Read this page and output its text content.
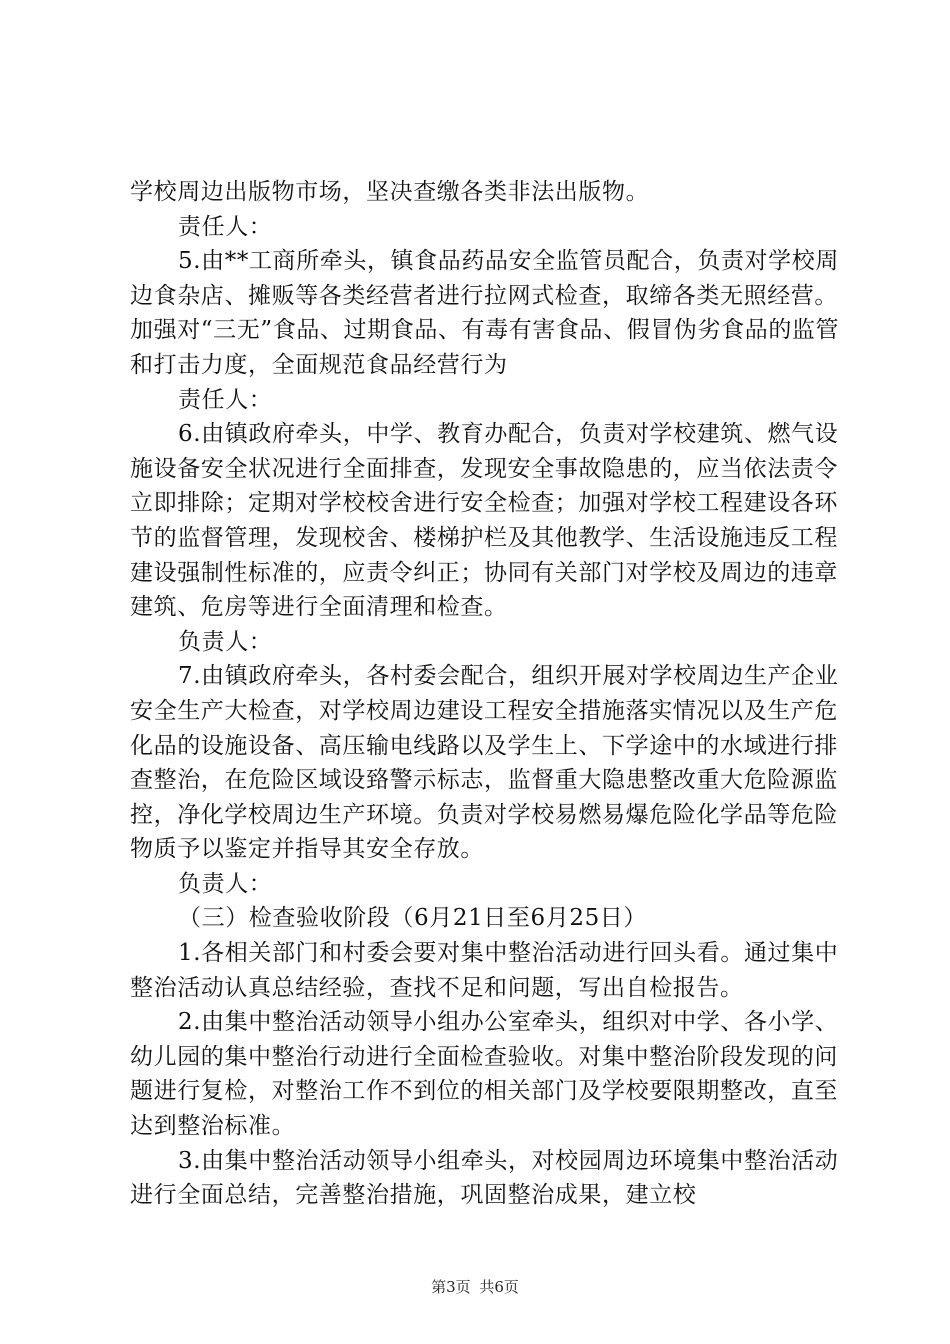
学校周边出版物市场，坚决查缴各类非法出版物。

责任人：

5.由**工商所牵头，镇食品药品安全监管员配合，负责对学校周边食杂店、摊贩等各类经营者进行拉网式检查，取缔各类无照经营。加强对“三无”食品、过期食品、有毒有害食品、假冒伪劣食品的监管和打击力度，全面规范食品经营行为

责任人：

6.由镇政府牵头，中学、教育办配合，负责对学校建筑、燃气设施设备安全状况进行全面排查，发现安全事故隐患的，应当依法责令立即排除；定期对学校校舍进行安全检查；加强对学校工程建设各环节的监督管理，发现校舍、楼梯护栏及其他教学、生活设施违反工程建设强制性标准的，应责令纠正；协同有关部门对学校及周边的违章建筑、危房等进行全面清理和检查。

负责人：

7.由镇政府牵头，各村委会配合，组织开展对学校周边生产企业安全生产大检查，对学校周边建设工程安全措施落实情况以及生产危化品的设施设备、高压输电线路以及学生上、下学途中的水域进行排查整治，在危险区域设臵警示标志，监督重大隐患整改重大危险源监控，净化学校周边生产环境。负责对学校易燃易爆危险化学品等危险物质予以鉴定并指导其安全存放。

负责人：

（三）检查验收阶段（6月21日至6月25日）

1.各相关部门和村委会要对集中整治活动进行回头看。通过集中整治活动认真总结经验，查找不足和问题，写出自检报告。

2.由集中整治活动领导小组办公室牵头，组织对中学、各小学、幼儿园的集中整治行动进行全面检查验收。对集中整治阶段发现的问题进行复检，对整治工作不到位的相关部门及学校要限期整改，直至达到整治标准。

3.由集中整治活动领导小组牵头，对校园周边环境集中整治活动进行全面总结，完善整治措施，巩固整治成果，建立校

第3页 共6页
